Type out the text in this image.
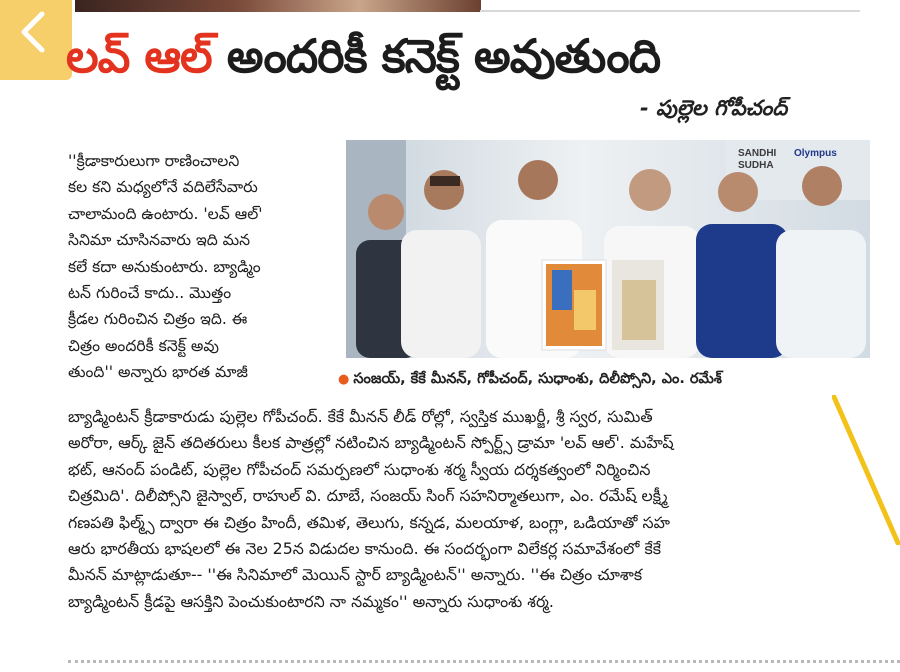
లవ్ ఆల్ అందరికీ కనెక్ట్ అవుతుంది
- పుల్లెల గోపీచంద్
SANDHI
SUDHA
Olympus
● సంజయ్, కేకే మీనన్, గోపీచంద్, సుధాంశు, దిలీప్సోని, ఎం. రమేశ్
''క్రీడాకారులుగా రాణించాలని
కల కని మధ్యలోనే వదిలేసేవారు
చాలామంది ఉంటారు. 'లవ్ ఆల్'
సినిమా చూసినవారు ఇది మన
కలే కదా అనుకుంటారు. బ్యాడ్మిం
టన్ గురించే కాదు.. మొత్తం
క్రీడల గురించిన చిత్రం ఇది. ఈ
చిత్రం అందరికీ కనెక్ట్ అవు
తుంది'' అన్నారు భారత మాజీ
బ్యాడ్మింటన్ క్రీడాకారుడు పుల్లెల గోపీచంద్. కేకే మీనన్ లీడ్ రోల్లో, స్వస్తిక ముఖర్జీ, శ్రీ స్వర, సుమిత్
అరోరా, ఆర్క్ జైన్ తదితరులు కీలక పాత్రల్లో నటించిన బ్యాడ్మింటన్ స్పోర్ట్స్ డ్రామా 'లవ్ ఆల్'. మహేష్
భట్, ఆనంద్ పండిట్, పుల్లెల గోపీచంద్ సమర్పణలో సుధాంశు శర్మ స్వీయ దర్శకత్వంలో నిర్మించిన
చిత్రమిది'. దిలీప్సోని జైస్వాల్, రాహుల్ వి. దూబే, సంజయ్ సింగ్ సహనిర్మాతలుగా, ఎం. రమేష్ లక్ష్మీ
గణపతి ఫిల్మ్స్ ద్వారా ఈ చిత్రం హిందీ, తమిళ, తెలుగు, కన్నడ, మలయాళ, బంగ్లా, ఒడియాతో సహ
ఆరు భారతీయ భాషలలో ఈ నెల 25న విడుదల కానుంది. ఈ సందర్భంగా విలేకర్ల సమావేశంలో కేకే
మీనన్ మాట్లాడుతూ-- ''ఈ సినిమాలో మెయిన్ స్టార్ బ్యాడ్మింటన్'' అన్నారు. ''ఈ చిత్రం చూశాక
బ్యాడ్మింటన్ క్రీడపై ఆసక్తిని పెంచుకుంటారని నా నమ్మకం'' అన్నారు సుధాంశు శర్మ.
